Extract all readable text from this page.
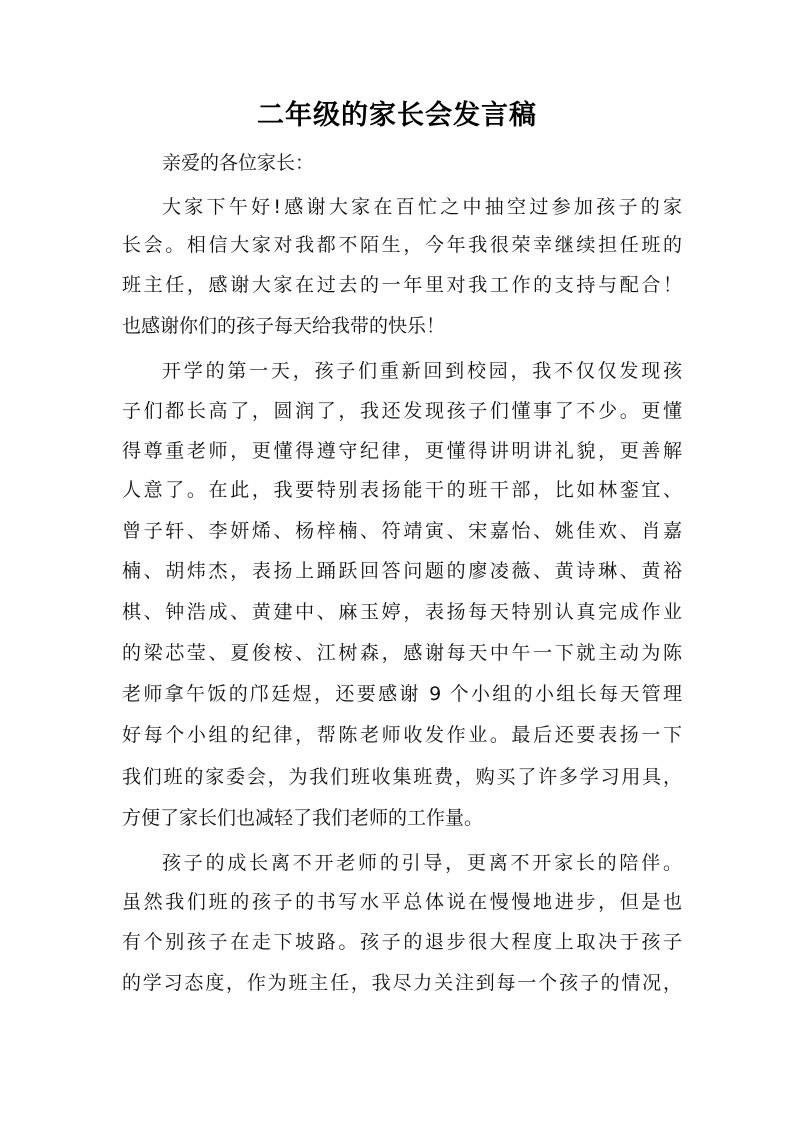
二年级的家长会发言稿
亲爱的各位家长：
大家下午好!感谢大家在百忙之中抽空过参加孩子的家
长会。相信大家对我都不陌生，今年我很荣幸继续担任班的
班主任，感谢大家在过去的一年里对我工作的支持与配合！
也感谢你们的孩子每天给我带的快乐！
开学的第一天，孩子们重新回到校园，我不仅仅发现孩
子们都长高了，圆润了，我还发现孩子们懂事了不少。更懂
得尊重老师，更懂得遵守纪律，更懂得讲明讲礼貌，更善解
人意了。在此，我要特别表扬能干的班干部，比如林銮宜、
曾子轩、李妍烯、杨梓楠、符靖寅、宋嘉怡、姚佳欢、肖嘉
楠、胡炜杰，表扬上踊跃回答问题的廖凌薇、黄诗琳、黄裕
棋、钟浩成、黄建中、麻玉婷，表扬每天特别认真完成作业
的梁芯莹、夏俊桉、江树森，感谢每天中午一下就主动为陈
老师拿午饭的邝廷煜，还要感谢 9 个小组的小组长每天管理
好每个小组的纪律，帮陈老师收发作业。最后还要表扬一下
我们班的家委会，为我们班收集班费，购买了许多学习用具，
方便了家长们也减轻了我们老师的工作量。
孩子的成长离不开老师的引导，更离不开家长的陪伴。
虽然我们班的孩子的书写水平总体说在慢慢地进步，但是也
有个别孩子在走下坡路。孩子的退步很大程度上取决于孩子
的学习态度，作为班主任，我尽力关注到每一个孩子的情况，
